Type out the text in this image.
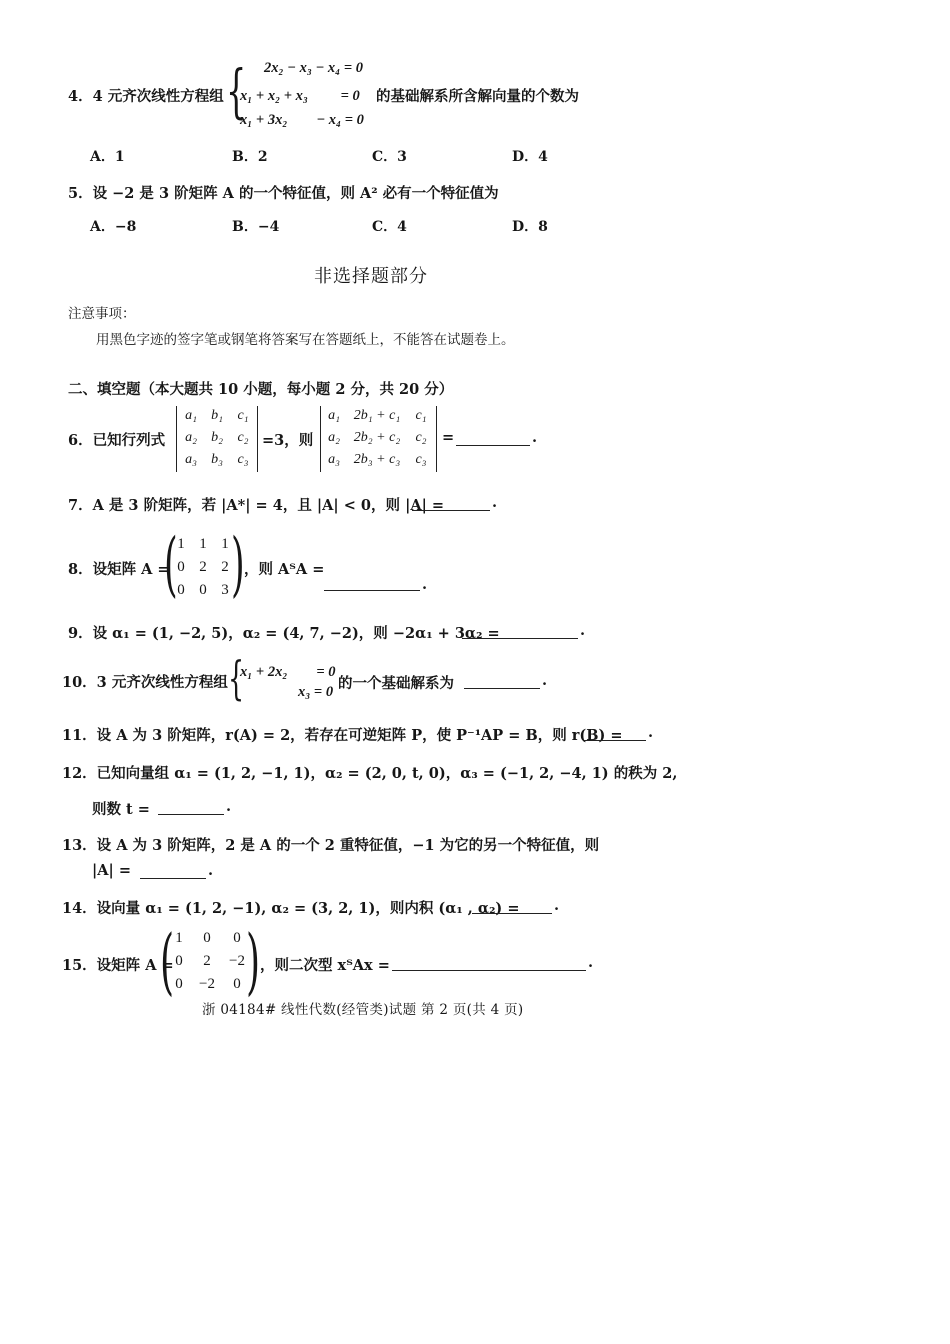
4．4 元齐次线性方程组 { 2x₂ − x₃ − x₄ = 0
x₁ + x₂ + x₃　　 = 0
x₁ + 3x₂　　− x₄ = 0
的基础解系所含解向量的个数为
A．1	B．2	C．3	D．4
5．设 −2 是 3 阶矩阵 A 的一个特征值，则 A² 必有一个特征值为
A．−8	B．−4	C．4	D．8
非选择题部分
注意事项：
用黑色字迹的签字笔或钢笔将答案写在答题纸上，不能答在试题卷上。
二、填空题（本大题共 10 小题，每小题 2 分，共 20 分）
6．已知行列式
a₁	b₁	c₁
a₂	b₂	c₂
a₃	b₃	c₃
=3，则
a₁ 2b₁ + c₁	c₁
a₂ 2b₂ + c₂	c₂
a₃ 2b₃ + c₃	c₃
=	.
7．A 是 3 阶矩阵，若 |A*| = 4，且 |A| < 0，则 |A| =	.
8．设矩阵 A =
( )
1 1 1
0 2 2
0 0 3
，则 AᵀA =
.
9．设 α₁ = (1, −2, 5)，α₂ = (4, 7, −2)，则 −2α₁ + 3α₂ =	.
10．3 元齐次线性方程组 {
x₁ + 2x₂　　= 0
x₃ = 0 的一个基础解系为	.
11．设 A 为 3 阶矩阵，r(A) = 2，若存在可逆矩阵 P，使 P⁻¹AP = B，则 r(B) = .
12．已知向量组 α₁ = (1, 2, −1, 1)，α₂ = (2, 0, t, 0)，α₃ = (−1, 2, −4, 1) 的秩为 2,
则数 t =	.
13．设 A 为 3 阶矩阵，2 是 A 的一个 2 重特征值，−1 为它的另一个特征值，则
|A| =	.
14．设向量 α₁ = (1, 2, −1), α₂ = (3, 2, 1)，则内积 (α₁ , α₂) = .
15．设矩阵 A =
( )
1	0	0
0	2	−2
0	−2	0
，则二次型 xᵀAx =	.
浙 04184# 线性代数(经管类)试题 第 2 页(共 4 页)
